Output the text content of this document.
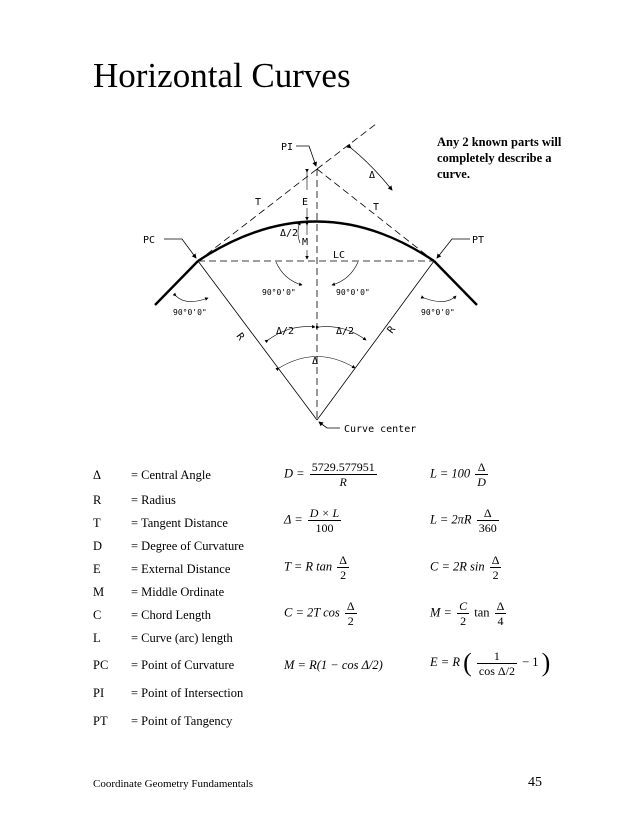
Horizontal Curves
Any 2 known parts will completely describe a curve.
PI
PC	PT
Δ
T	T
E
M
Δ/2
LC
90°0'0"	90°0'0"
90°0'0"	90°0'0"
R
R
Δ/2	Δ/2
Δ
Curve center
Δ = Central Angle
R = Radius
T = Tangent Distance
D = Degree of Curvature
E = External Distance
M = Middle Ordinate
C = Chord Length
L = Curve (arc) length
PC = Point of Curvature
PI = Point of Intersection
PT = Point of Tangency
$D = \frac{5729.577951}{R}$	$L = 100 \frac{\Delta}{D}$
$\Delta = \frac{D \times L}{100}$	$L = 2\pi R \frac{\Delta}{360}$
T = R $\tan \frac{\Delta}{2}$	C = 2R $\sin \frac{\Delta}{2}$
C = 2T $\cos \frac{\Delta}{2}$	$M = \frac{C}{2}$ $\tan \frac{\Delta}{4}$
M = R(1 − cos Δ/2)	E = R ( $\frac{1}{\text{cos Δ/2}} - 1$ )
Coordinate Geometry Fundamentals	45
